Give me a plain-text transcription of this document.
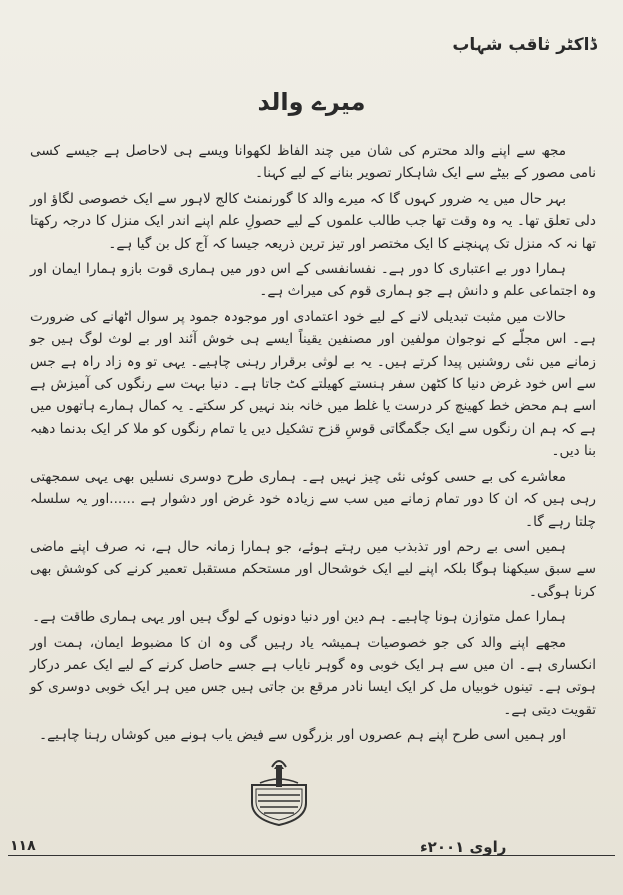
ڈاکٹر ثاقب شہاب
میرے والد

مجھ سے اپنے والد محترم کی شان میں چند الفاظ لکھوانا ویسے ہی لاحاصل ہے جیسے کسی نامی مصور کے بیٹے سے ایک شاہکار تصویر بنانے کے لیے کہنا۔

بہر حال میں یہ ضرور کہوں گا کہ میرے والد کا گورنمنٹ کالج لاہور سے ایک خصوصی لگاؤ اور دلی تعلق تھا۔ یہ وہ وقت تھا جب طالب علموں کے لیے حصولِ علم اپنے اندر ایک منزل کا درجہ رکھتا تھا نہ کہ منزل تک پہنچنے کا ایک مختصر اور تیز ترین ذریعہ جیسا کہ آج کل بن گیا ہے۔

ہمارا دور بے اعتباری کا دور ہے۔ نفسانفسی کے اس دور میں ہماری قوت بازو ہمارا ایمان اور وہ اجتماعی علم و دانش ہے جو ہماری قوم کی میراث ہے۔

حالات میں مثبت تبدیلی لانے کے لیے خود اعتمادی اور موجودہ جمود پر سوال اٹھانے کی ضرورت ہے۔ اس مجلّے کے نوجوان مولفین اور مصنفین یقیناً ایسے ہی خوش آئند اور بے لوث لوگ ہیں جو زمانے میں نئی روشنیں پیدا کرتے ہیں۔ یہ بے لوثی برقرار رہنی چاہیے۔ یہی تو وہ زاد راہ ہے جس سے اس خود غرض دنیا کا کٹھن سفر ہنستے کھیلتے کٹ جاتا ہے۔ دنیا بہت سے رنگوں کی آمیزش ہے اسے ہم محض خط کھینچ کر درست یا غلط میں خانہ بند نہیں کر سکتے۔ یہ کمال ہمارے ہاتھوں میں ہے کہ ہم ان رنگوں سے ایک جگمگاتی قوسِ قزح تشکیل دیں یا تمام رنگوں کو ملا کر ایک بدنما دھبہ بنا دیں۔

معاشرے کی بے حسی کوئی نئی چیز نہیں ہے۔ ہماری طرح دوسری نسلیں بھی یہی سمجھتی رہی ہیں کہ ان کا دور تمام زمانے میں سب سے زیادہ خود غرض اور دشوار ہے ......اور یہ سلسلہ چلتا رہے گا۔

ہمیں اسی بے رحم اور تذبذب میں رہتے ہوئے، جو ہمارا زمانہ حال ہے، نہ صرف اپنے ماضی سے سبق سیکھنا ہوگا بلکہ اپنے لیے ایک خوشحال اور مستحکم مستقبل تعمیر کرنے کی کوشش بھی کرنا ہوگی۔

ہمارا عمل متوازن ہونا چاہیے۔ ہم دین اور دنیا دونوں کے لوگ ہیں اور یہی ہماری طاقت ہے۔

مجھے اپنے والد کی جو خصوصیات ہمیشہ یاد رہیں گی وہ ان کا مضبوط ایمان، ہمت اور انکساری ہے۔ ان میں سے ہر ایک خوبی وہ گوہر نایاب ہے جسے حاصل کرنے کے لیے ایک عمر درکار ہوتی ہے۔ تینوں خوبیاں مل کر ایک ایسا نادر مرقع بن جاتی ہیں جس میں ہر ایک خوبی دوسری کو تقویت دیتی ہے۔

اور ہمیں اسی طرح اپنے ہم عصروں اور بزرگوں سے فیض یاب ہونے میں کوشاں رہنا چاہیے۔

۱۱۸	راوی ۲۰۰۱ء
